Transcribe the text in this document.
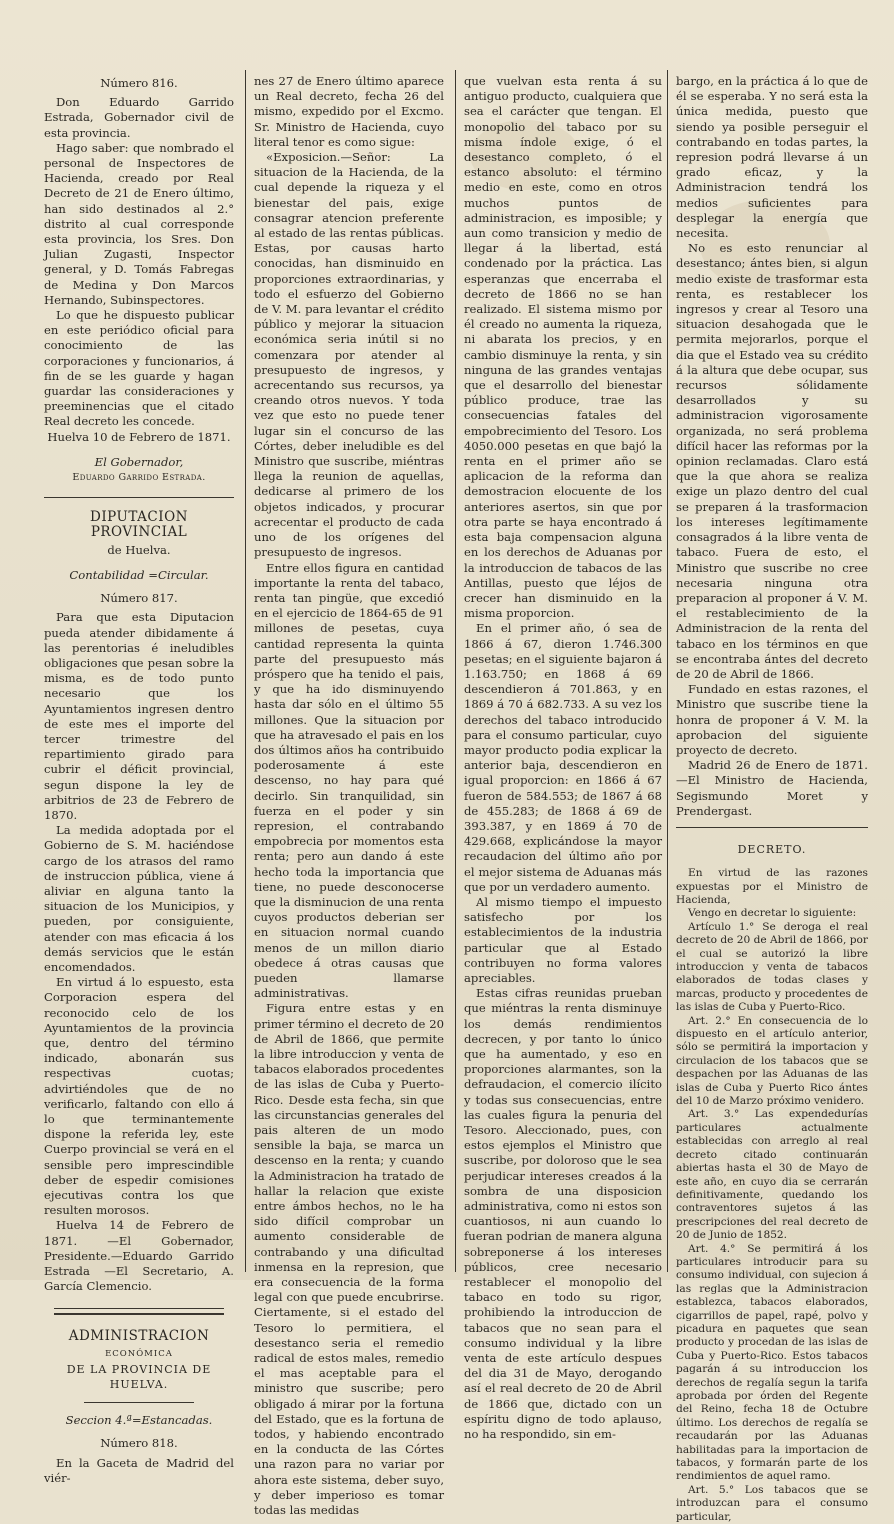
Número 816.

Don Eduardo Garrido Estrada, Gobernador civil de esta provincia.

Hago saber: que nombrado el personal de Inspectores de Hacienda, creado por Real Decreto de 21 de Enero último, han sido destinados al 2.° distrito al cual corresponde esta provincia, los Sres. Don Julian Zugasti, Inspector general, y D. Tomás Fabregas de Medina y Don Marcos Hernando, Subinspectores.

Lo que he dispuesto publicar en este periódico oficial para conocimiento de las corporaciones y funcionarios, á fin de se les guarde y hagan guardar las consideraciones y preeminencias que el citado Real decreto les concede.

Huelva 10 de Febrero de 1871.

El Gobernador,

Eduardo Garrido Estrada.

DIPUTACION PROVINCIAL

de Huelva.

Contabilidad =Circular.

Número 817.

Para que esta Diputacion pueda atender dibidamente á las perentorias é ineludibles obligaciones que pesan sobre la misma, es de todo punto necesario que los Ayuntamientos ingresen dentro de este mes el importe del tercer trimestre del repartimiento girado para cubrir el déficit provincial, segun dispone la ley de arbitrios de 23 de Febrero de 1870.

La medida adoptada por el Gobierno de S. M. haciéndose cargo de los atrasos del ramo de instruccion pública, viene á aliviar en alguna tanto la situacion de los Municipios, y pueden, por consiguiente, atender con mas eficacia á los demás servicios que le están encomendados.

En virtud á lo espuesto, esta Corporacion espera del reconocido celo de los Ayuntamientos de la provincia que, dentro del término indicado, abonarán sus respectivas cuotas; advirtiéndoles que de no verificarlo, faltando con ello á lo que terminantemente dispone la referida ley, este Cuerpo provincial se verá en el sensible pero imprescindible deber de espedir comisiones ejecutivas contra los que resulten morosos.

Huelva 14 de Febrero de 1871. —El Gobernador, Presidente.—Eduardo Garrido Estrada —El Secretario, A. García Clemencio.

ADMINISTRACION

ECONÓMICA

DE LA PROVINCIA DE HUELVA.

Seccion 4.ª=Estancadas.

Número 818.

En la Gaceta de Madrid del viér-

nes 27 de Enero último aparece un Real decreto, fecha 26 del mismo, expedido por el Excmo. Sr. Ministro de Hacienda, cuyo literal tenor es como sigue:

«Exposicion.—Señor: La situacion de la Hacienda, de la cual depende la riqueza y el bienestar del pais, exige consagrar atencion preferente al estado de las rentas públicas. Estas, por causas harto conocidas, han disminuido en proporciones extraordinarias, y todo el esfuerzo del Gobierno de V. M. para levantar el crédito público y mejorar la situacion económica seria inútil si no comenzara por atender al presupuesto de ingresos, y acrecentando sus recursos, ya creando otros nuevos. Y toda vez que esto no puede tener lugar sin el concurso de las Córtes, deber ineludible es del Ministro que suscribe, miéntras llega la reunion de aquellas, dedicarse al primero de los objetos indicados, y procurar acrecentar el producto de cada uno de los orígenes del presupuesto de ingresos.

Entre ellos figura en cantidad importante la renta del tabaco, renta tan pingüe, que excedió en el ejercicio de 1864-65 de 91 millones de pesetas, cuya cantidad representa la quinta parte del presupuesto más próspero que ha tenido el pais, y que ha ido disminuyendo hasta dar sólo en el último 55 millones. Que la situacion por que ha atravesado el pais en los dos últimos años ha contribuido poderosamente á este descenso, no hay para qué decirlo. Sin tranquilidad, sin fuerza en el poder y sin represion, el contrabando empobrecia por momentos esta renta; pero aun dando á este hecho toda la importancia que tiene, no puede desconocerse que la disminucion de una renta cuyos productos deberian ser en situacion normal cuando menos de un millon diario obedece á otras causas que pueden llamarse administrativas.

Figura entre estas y en primer término el decreto de 20 de Abril de 1866, que permite la libre introduccion y venta de tabacos elaborados procedentes de las islas de Cuba y Puerto-Rico. Desde esta fecha, sin que las circunstancias generales del pais alteren de un modo sensible la baja, se marca un descenso en la renta; y cuando la Administracion ha tratado de hallar la relacion que existe entre ámbos hechos, no le ha sido difícil comprobar un aumento considerable de contrabando y una dificultad inmensa en la represion, que era consecuencia de la forma legal con que puede encubrirse. Ciertamente, si el estado del Tesoro lo permitiera, el desestanco seria el remedio radical de estos males, remedio el mas aceptable para el ministro que suscribe; pero obligado á mirar por la fortuna del Estado, que es la fortuna de todos, y habiendo encontrado en la conducta de las Córtes una razon para no variar por ahora este sistema, deber suyo, y deber imperioso es tomar todas las medidas

que vuelvan esta renta á su antiguo producto, cualquiera que sea el carácter que tengan. El monopolio del tabaco por su misma índole exige, ó el desestanco completo, ó el estanco absoluto: el término medio en este, como en otros muchos puntos de administracion, es imposible; y aun como transicion y medio de llegar á la libertad, está condenado por la práctica. Las esperanzas que encerraba el decreto de 1866 no se han realizado. El sistema mismo por él creado no aumenta la riqueza, ni abarata los precios, y en cambio disminuye la renta, y sin ninguna de las grandes ventajas que el desarrollo del bienestar público produce, trae las consecuencias fatales del empobrecimiento del Tesoro. Los 4050.000 pesetas en que bajó la renta en el primer año se aplicacion de la reforma dan demostracion elocuente de los anteriores asertos, sin que por otra parte se haya encontrado á esta baja compensacion alguna en los derechos de Aduanas por la introduccion de tabacos de las Antillas, puesto que léjos de crecer han disminuido en la misma proporcion.

En el primer año, ó sea de 1866 á 67, dieron 1.746.300 pesetas; en el siguiente bajaron á 1.163.750; en 1868 á 69 descendieron á 701.863, y en 1869 á 70 á 682.733. A su vez los derechos del tabaco introducido para el consumo particular, cuyo mayor producto podia explicar la anterior baja, descendieron en igual proporcion: en 1866 á 67 fueron de 584.553; de 1867 á 68 de 455.283; de 1868 á 69 de 393.387, y en 1869 á 70 de 429.668, explicándose la mayor recaudacion del último año por el mejor sistema de Aduanas más que por un verdadero aumento.

Al mismo tiempo el impuesto satisfecho por los establecimientos de la industria particular que al Estado contribuyen no forma valores apreciables.

Estas cifras reunidas prueban que miéntras la renta disminuye los demás rendimientos decrecen, y por tanto lo único que ha aumentado, y eso en proporciones alarmantes, son la defraudacion, el comercio ilícito y todas sus consecuencias, entre las cuales figura la penuria del Tesoro. Aleccionado, pues, con estos ejemplos el Ministro que suscribe, por doloroso que le sea perjudicar intereses creados á la sombra de una disposicion administrativa, como ni estos son cuantiosos, ni aun cuando lo fueran podrian de manera alguna sobreponerse á los intereses públicos, cree necesario restablecer el monopolio del tabaco en todo su rigor, prohibiendo la introduccion de tabacos que no sean para el consumo individual y la libre venta de este artículo despues del dia 31 de Mayo, derogando así el real decreto de 20 de Abril de 1866 que, dictado con un espíritu digno de todo aplauso, no ha respondido, sin em-

bargo, en la práctica á lo que de él se esperaba. Y no será esta la única medida, puesto que siendo ya posible perseguir el contrabando en todas partes, la represion podrá llevarse á un grado eficaz, y la Administracion tendrá los medios suficientes para desplegar la energía que necesita.

No es esto renunciar al desestanco; ántes bien, si algun medio existe de trasformar esta renta, es restablecer los ingresos y crear al Tesoro una situacion desahogada que le permita mejorarlos, porque el dia que el Estado vea su crédito á la altura que debe ocupar, sus recursos sólidamente desarrollados y su administracion vigorosamente organizada, no será problema difícil hacer las reformas por la opinion reclamadas. Claro está que la que ahora se realiza exige un plazo dentro del cual se preparen á la trasformacion los intereses legítimamente consagrados á la libre venta de tabaco. Fuera de esto, el Ministro que suscribe no cree necesaria ninguna otra preparacion al proponer á V. M. el restablecimiento de la Administracion de la renta del tabaco en los términos en que se encontraba ántes del decreto de 20 de Abril de 1866.

Fundado en estas razones, el Ministro que suscribe tiene la honra de proponer á V. M. la aprobacion del siguiente proyecto de decreto.

Madrid 26 de Enero de 1871. —El Ministro de Hacienda, Segismundo Moret y Prendergast.

DECRETO.

En virtud de las razones expuestas por el Ministro de Hacienda,

Vengo en decretar lo siguiente:

Artículo 1.° Se deroga el real decreto de 20 de Abril de 1866, por el cual se autorizó la libre introduccion y venta de tabacos elaborados de todas clases y marcas, producto y procedentes de las islas de Cuba y Puerto-Rico.

Art. 2.° En consecuencia de lo dispuesto en el artículo anterior, sólo se permitirá la importacion y circulacion de los tabacos que se despachen por las Aduanas de las islas de Cuba y Puerto Rico ántes del 10 de Marzo próximo venidero.

Art. 3.° Las expendedurías particulares actualmente establecidas con arreglo al real decreto citado continuarán abiertas hasta el 30 de Mayo de este año, en cuyo dia se cerrarán definitivamente, quedando los contraventores sujetos á las prescripciones del real decreto de 20 de Junio de 1852.

Art. 4.° Se permitirá á los particulares introducir para su consumo individual, con sujecion á las reglas que la Administracion establezca, tabacos elaborados, cigarrillos de papel, rapé, polvo y picadura en paquetes que sean producto y procedan de las islas de Cuba y Puerto-Rico. Estos tabacos pagarán á su introduccion los derechos de regalía segun la tarifa aprobada por órden del Regente del Reino, fecha 18 de Octubre último. Los derechos de regalía se recaudarán por las Aduanas habilitadas para la importacion de tabacos, y formarán parte de los rendimientos de aquel ramo.

Art. 5.° Los tabacos que se introduzcan para el consumo particular,
